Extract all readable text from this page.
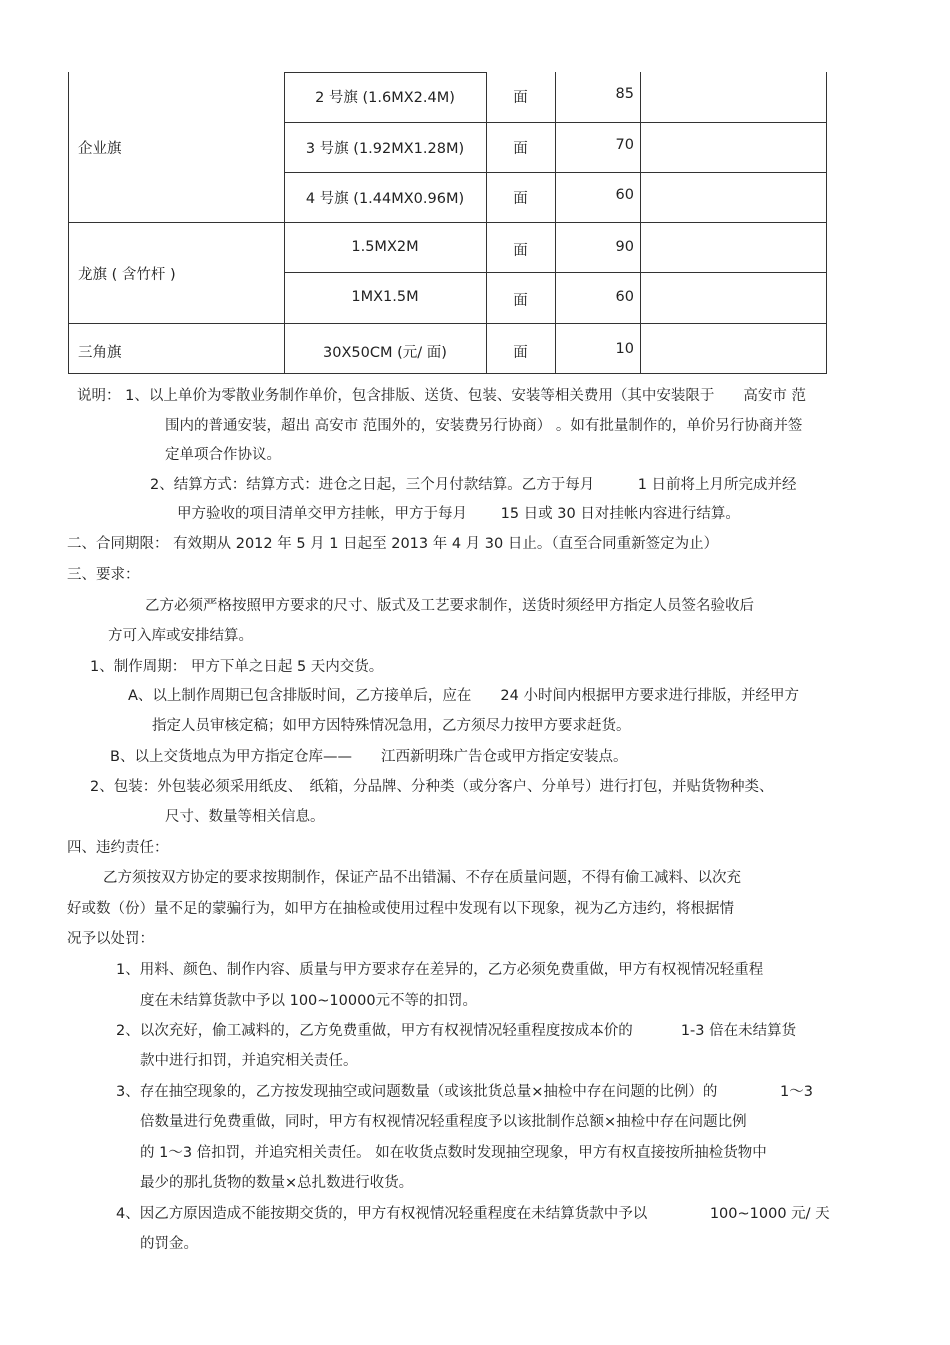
企业旗
龙旗 ( 含竹杆 )
三角旗
2 号旗 (1.6MX2.4M)
3 号旗 (1.92MX1.28M)
4 号旗 (1.44MX0.96M)
1.5MX2M
1MX1.5M
30X50CM (元/ 面)
面
面
面
面
面
面
85
70
60
90
60
10
说明： 1、以上单价为零散业务制作单价，包含排版、送货、包装、安装等相关费用（其中安装限于　　高安市 范
围内的普通安装，超出 高安市 范围外的，安装费另行协商） 。如有批量制作的，单价另行协商并签
定单项合作协议。
2、结算方式：结算方式：进仓之日起，三个月付款结算。乙方于每月　　　1 日前将上月所完成并经
甲方验收的项目清单交甲方挂帐，甲方于每月　　 15 日或 30 日对挂帐内容进行结算。
二、合同期限： 有效期从 2012 年 5 月 1 日起至 2013 年 4 月 30 日止。（直至合同重新签定为止）
三、要求：
乙方必须严格按照甲方要求的尺寸、版式及工艺要求制作，送货时须经甲方指定人员签名验收后
方可入库或安排结算。
1、制作周期： 甲方下单之日起 5 天内交货。
A、以上制作周期已包含排版时间，乙方接单后，应在　　24 小时间内根据甲方要求进行排版，并经甲方
指定人员审核定稿；如甲方因特殊情况急用，乙方须尽力按甲方要求赶货。
B、以上交货地点为甲方指定仓库——　　江西新明珠广告仓或甲方指定安装点。
2、包装：外包装必须采用纸皮、　纸箱，分品牌、分种类（或分客户、分单号）进行打包，并贴货物种类、
尺寸、数量等相关信息。
四、违约责任：
乙方须按双方协定的要求按期制作，保证产品不出错漏、不存在质量问题，不得有偷工减料、以次充
好或数（份）量不足的蒙骗行为，如甲方在抽检或使用过程中发现有以下现象，视为乙方违约，将根据情
况予以处罚：
1、用料、颜色、制作内容、质量与甲方要求存在差异的，乙方必须免费重做，甲方有权视情况轻重程
度在未结算货款中予以 100~10000元不等的扣罚。
2、以次充好，偷工减料的，乙方免费重做，甲方有权视情况轻重程度按成本价的　　　 1-3 倍在未结算货
款中进行扣罚，并追究相关责任。
3、存在抽空现象的，乙方按发现抽空或问题数量（或该批货总量×抽检中存在问题的比例）的　　　　 1～3
倍数量进行免费重做，同时，甲方有权视情况轻重程度予以该批制作总额×抽检中存在问题比例
的 1～3 倍扣罚，并追究相关责任。 如在收货点数时发现抽空现象，甲方有权直接按所抽检货物中
最少的那扎货物的数量×总扎数进行收货。
4、因乙方原因造成不能按期交货的，甲方有权视情况轻重程度在未结算货款中予以　　　　 100~1000 元/ 天
的罚金。
